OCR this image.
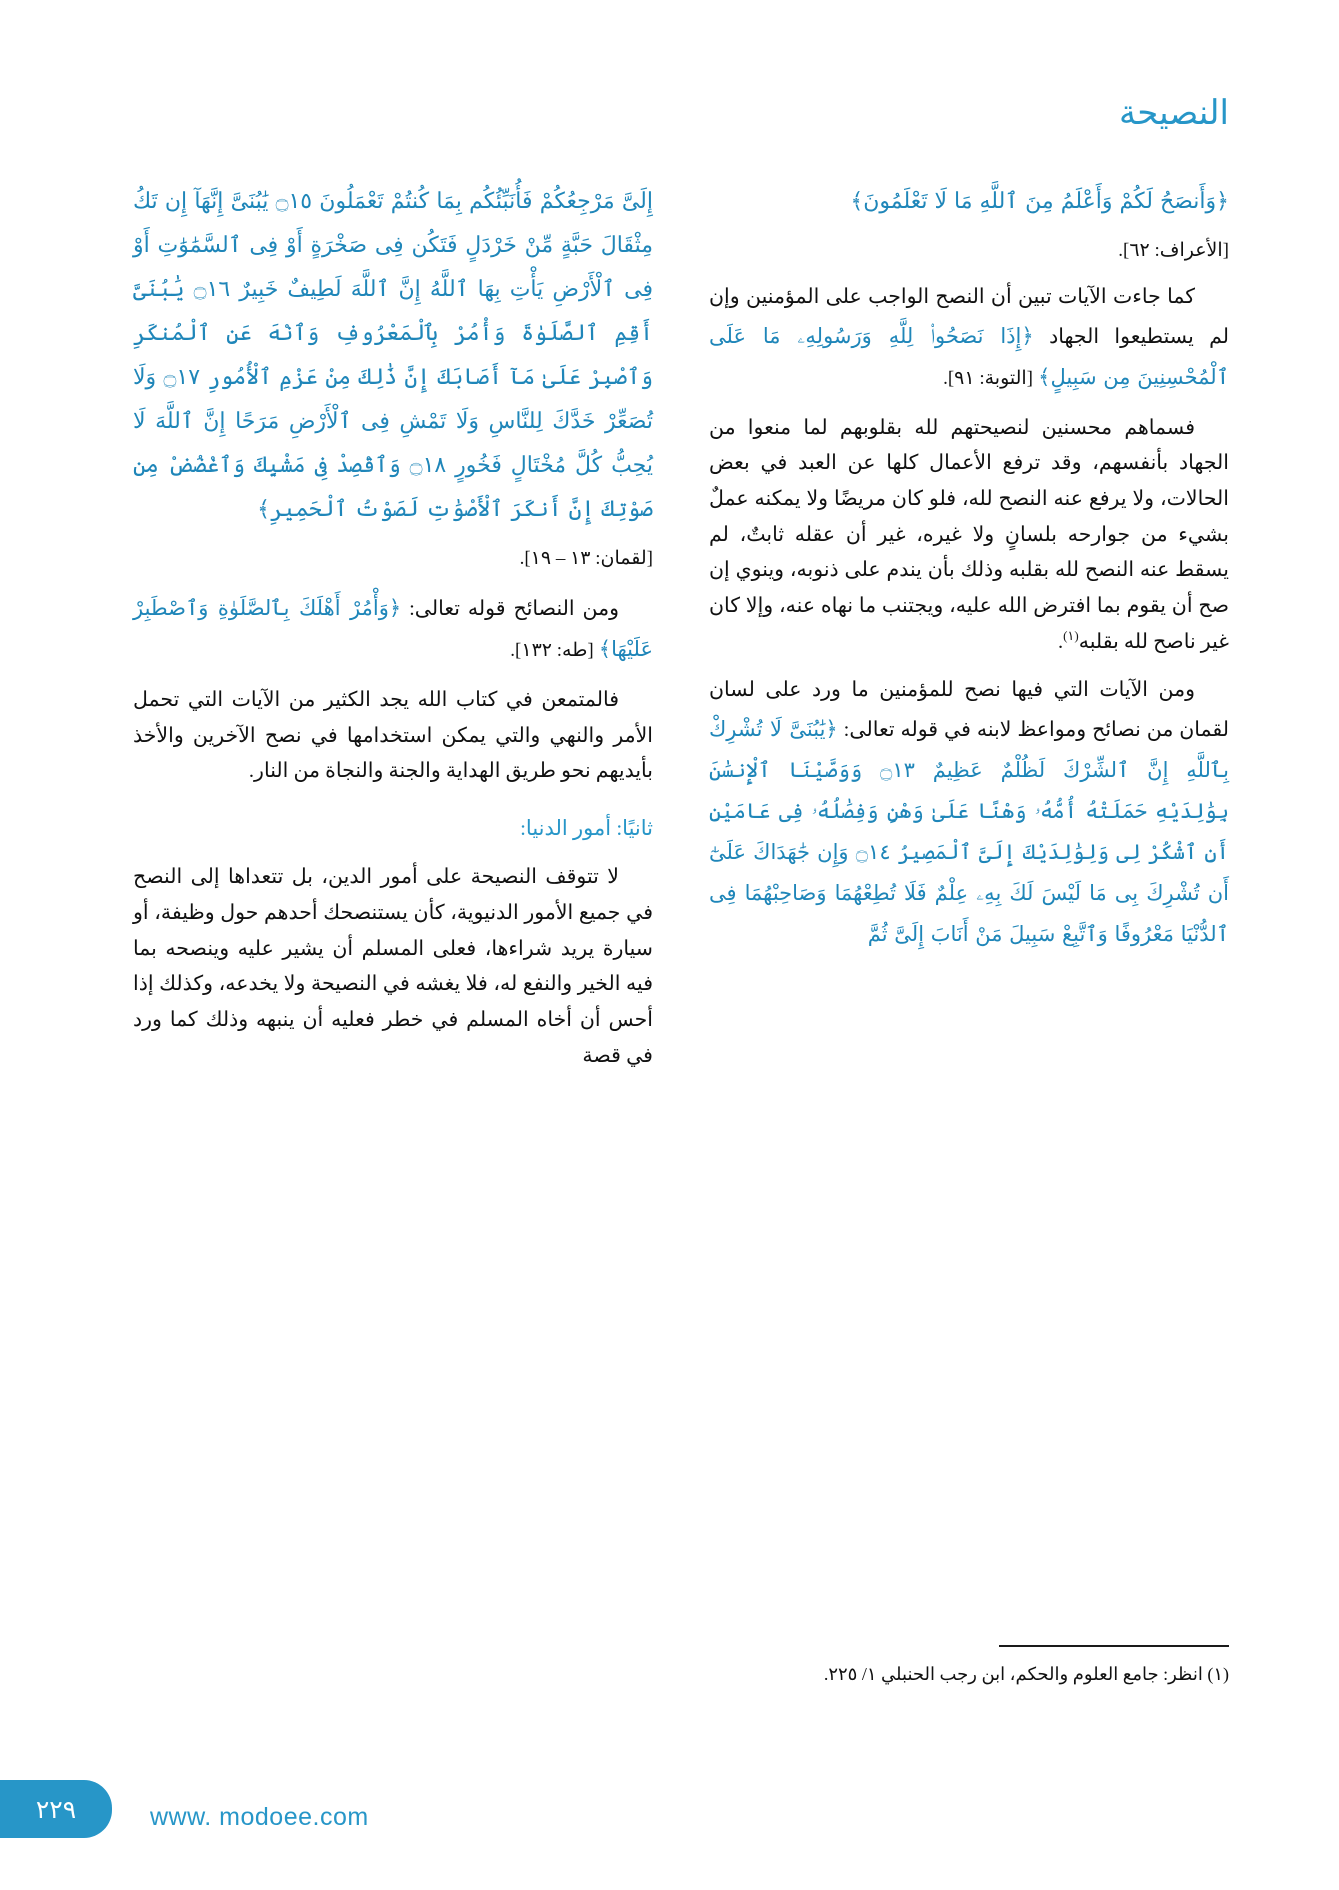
النصيحة

﴿وَأَنصَحُ لَكُمْ وَأَعْلَمُ مِنَ ٱللَّهِ مَا لَا تَعْلَمُونَ﴾

[الأعراف: ٦٢].

كما جاءت الآيات تبين أن النصح الواجب على المؤمنين وإن لم يستطيعوا الجهاد ﴿إِذَا نَصَحُوا۟ لِلَّهِ وَرَسُولِهِۦ مَا عَلَى ٱلْمُحْسِنِينَ مِن سَبِيلٍ﴾ [التوبة: ٩١].

فسماهم محسنين لنصيحتهم لله بقلوبهم لما منعوا من الجهاد بأنفسهم، وقد ترفع الأعمال كلها عن العبد في بعض الحالات، ولا يرفع عنه النصح لله، فلو كان مريضًا ولا يمكنه عملٌ بشيء من جوارحه بلسانٍ ولا غيره، غير أن عقله ثابتٌ، لم يسقط عنه النصح لله بقلبه وذلك بأن يندم على ذنوبه، وينوي إن صح أن يقوم بما افترض الله عليه، ويجتنب ما نهاه عنه، وإلا كان غير ناصح لله بقلبه$^{(١)}$.

ومن الآيات التي فيها نصح للمؤمنين ما ورد على لسان لقمان من نصائح ومواعظ لابنه في قوله تعالى: ﴿يَٰبُنَىَّ لَا تُشْرِكْ بِٱللَّهِ إِنَّ ٱلشِّرْكَ لَظُلْمٌ عَظِيمٌ ۝١٣ وَوَصَّيْنَا ٱلْإِنسَٰنَ بِوَٰلِدَيْهِ حَمَلَتْهُ أُمُّهُۥ وَهْنًا عَلَىٰ وَهْنٍ وَفِصَٰلُهُۥ فِى عَامَيْنِ أَنِ ٱشْكُرْ لِى وَلِوَٰلِدَيْكَ إِلَىَّ ٱلْمَصِيرُ ۝١٤ وَإِن جَٰهَدَاكَ عَلَىٰٓ أَن تُشْرِكَ بِى مَا لَيْسَ لَكَ بِهِۦ عِلْمٌ فَلَا تُطِعْهُمَا وَصَاحِبْهُمَا فِى ٱلدُّنْيَا مَعْرُوفًا وَٱتَّبِعْ سَبِيلَ مَنْ أَنَابَ إِلَىَّ ثُمَّ

(١) انظر: جامع العلوم والحكم، ابن رجب الحنبلي ١/ ٢٢٥.

إِلَىَّ مَرْجِعُكُمْ فَأُنَبِّئُكُم بِمَا كُنتُمْ تَعْمَلُونَ ۝١٥ يَٰبُنَىَّ إِنَّهَآ إِن تَكُ مِثْقَالَ حَبَّةٍ مِّنْ خَرْدَلٍ فَتَكُن فِى صَخْرَةٍ أَوْ فِى ٱلسَّمَٰوَٰتِ أَوْ فِى ٱلْأَرْضِ يَأْتِ بِهَا ٱللَّهُ إِنَّ ٱللَّهَ لَطِيفٌ خَبِيرٌ ۝١٦ يَٰبُنَىَّ أَقِمِ ٱلصَّلَوٰةَ وَأْمُرْ بِٱلْمَعْرُوفِ وَٱنْهَ عَنِ ٱلْمُنكَرِ وَٱصْبِرْ عَلَىٰ مَآ أَصَابَكَ إِنَّ ذَٰلِكَ مِنْ عَزْمِ ٱلْأُمُورِ ۝١٧ وَلَا تُصَعِّرْ خَدَّكَ لِلنَّاسِ وَلَا تَمْشِ فِى ٱلْأَرْضِ مَرَحًا إِنَّ ٱللَّهَ لَا يُحِبُّ كُلَّ مُخْتَالٍ فَخُورٍ ۝١٨ وَٱقْصِدْ فِى مَشْيِكَ وَٱغْضُضْ مِن صَوْتِكَ إِنَّ أَنكَرَ ٱلْأَصْوَٰتِ لَصَوْتُ ٱلْحَمِيرِ﴾

[لقمان: ١٣ – ١٩].

ومن النصائح قوله تعالى: ﴿وَأْمُرْ أَهْلَكَ بِٱلصَّلَوٰةِ وَٱصْطَبِرْ عَلَيْهَا﴾ [طه: ١٣٢].

فالمتمعن في كتاب الله يجد الكثير من الآيات التي تحمل الأمر والنهي والتي يمكن استخدامها في نصح الآخرين والأخذ بأيديهم نحو طريق الهداية والجنة والنجاة من النار.

ثانيًا: أمور الدنيا:

لا تتوقف النصيحة على أمور الدين، بل تتعداها إلى النصح في جميع الأمور الدنيوية، كأن يستنصحك أحدهم حول وظيفة، أو سيارة يريد شراءها، فعلى المسلم أن يشير عليه وينصحه بما فيه الخير والنفع له، فلا يغشه في النصيحة ولا يخدعه، وكذلك إذا أحس أن أخاه المسلم في خطر فعليه أن ينبهه وذلك كما ورد في قصة

٢٢٩	www. modoee.com
